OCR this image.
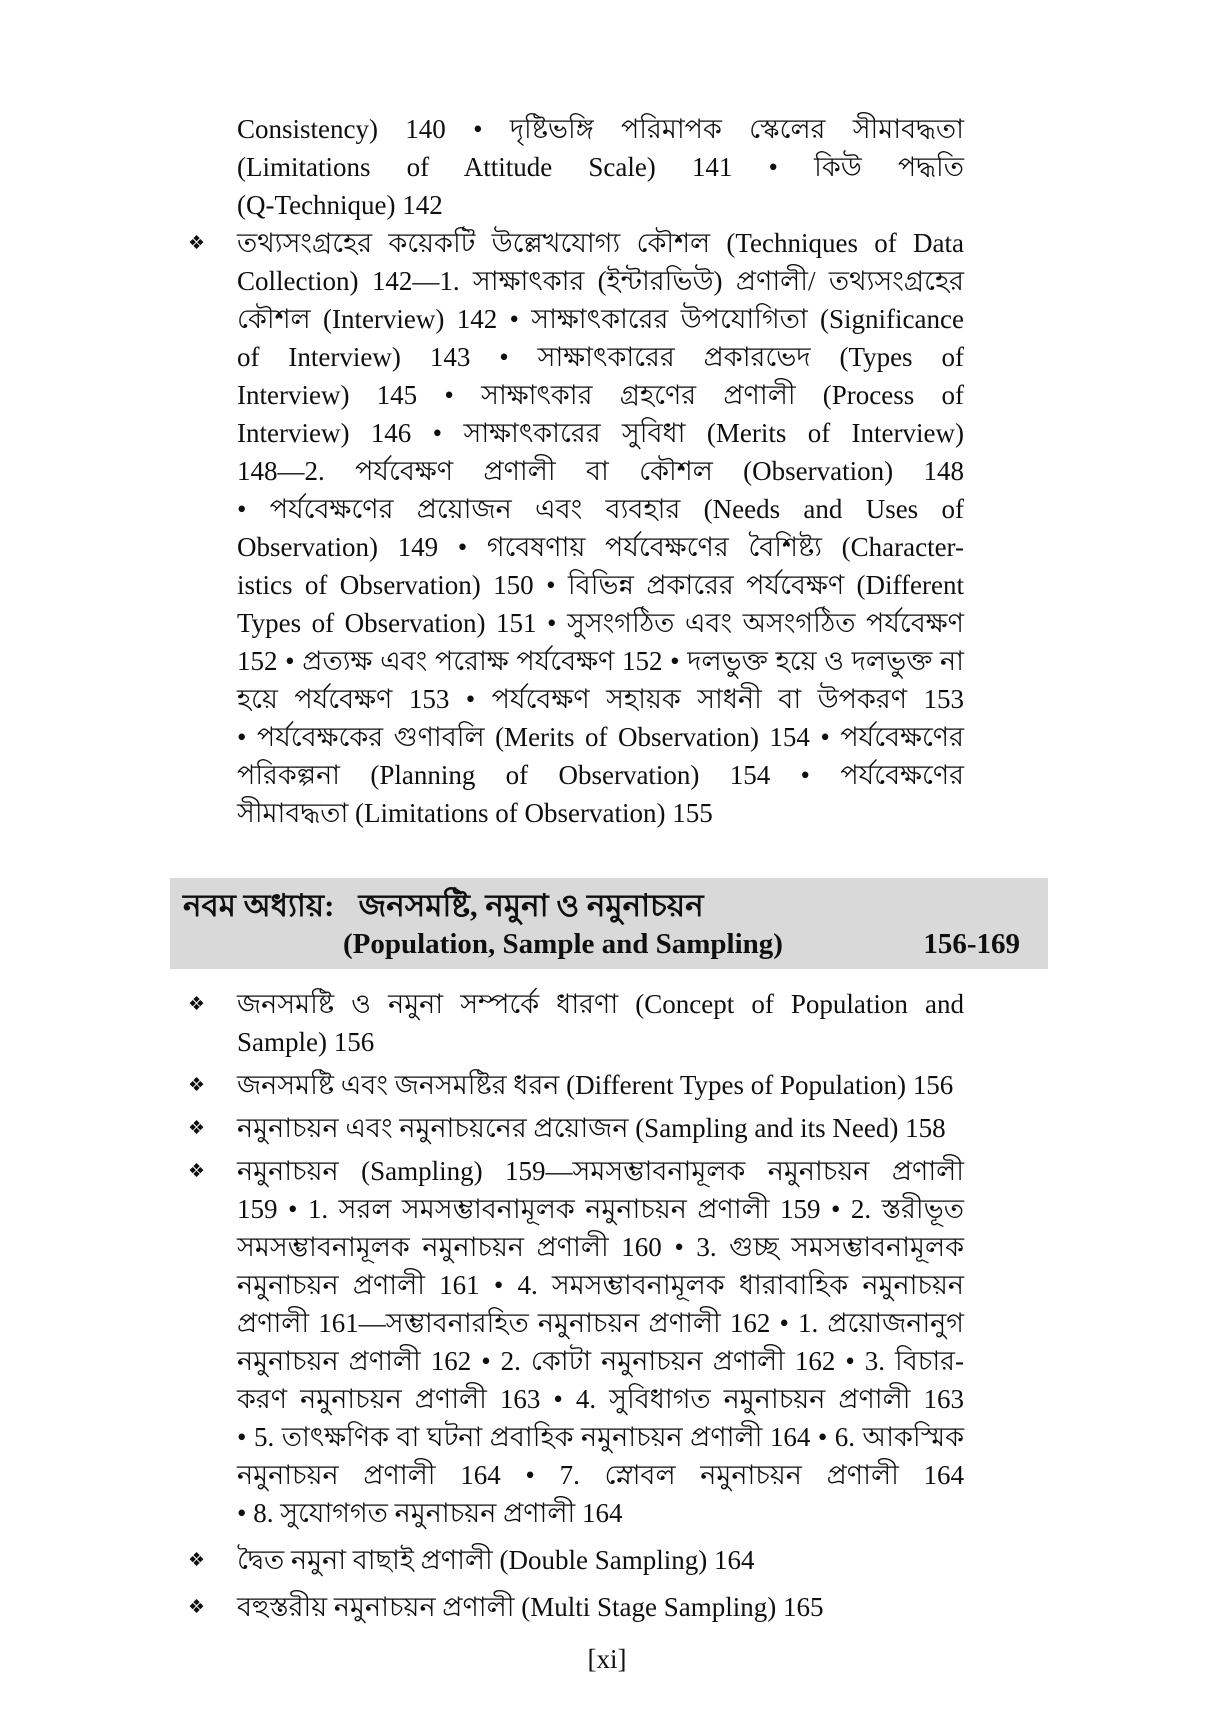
Consistency) 140 • দৃষ্টিভঙ্গি পরিমাপক স্কেলের সীমাবদ্ধতা
(Limitations of Attitude Scale) 141 • কিউ পদ্ধতি
(Q-Technique) 142
❖ তথ্যসংগ্রহের কয়েকটি উল্লেখযোগ্য কৌশল (Techniques of Data
Collection) 142—1. সাক্ষাৎকার (ইন্টারভিউ) প্রণালী/ তথ্যসংগ্রহের
কৌশল (Interview) 142 • সাক্ষাৎকারের উপযোগিতা (Significance
of Interview) 143 • সাক্ষাৎকারের প্রকারভেদ (Types of
Interview) 145 • সাক্ষাৎকার গ্রহণের প্রণালী (Process of
Interview) 146 • সাক্ষাৎকারের সুবিধা (Merits of Interview)
148—2. পর্যবেক্ষণ প্রণালী বা কৌশল (Observation) 148
• পর্যবেক্ষণের প্রয়োজন এবং ব্যবহার (Needs and Uses of
Observation) 149 • গবেষণায় পর্যবেক্ষণের বৈশিষ্ট্য (Character-
istics of Observation) 150 • বিভিন্ন প্রকারের পর্যবেক্ষণ (Different
Types of Observation) 151 • সুসংগঠিত এবং অসংগঠিত পর্যবেক্ষণ
152 • প্রত্যক্ষ এবং পরোক্ষ পর্যবেক্ষণ 152 • দলভুক্ত হয়ে ও দলভুক্ত না
হয়ে পর্যবেক্ষণ 153 • পর্যবেক্ষণ সহায়ক সাধনী বা উপকরণ 153
• পর্যবেক্ষকের গুণাবলি (Merits of Observation) 154 • পর্যবেক্ষণের
পরিকল্পনা (Planning of Observation) 154 • পর্যবেক্ষণের
সীমাবদ্ধতা (Limitations of Observation) 155
নবম অধ্যায়: জনসমষ্টি, নমুনা ও নমুনাচয়ন
(Population, Sample and Sampling)	156-169
❖ জনসমষ্টি ও নমুনা সম্পর্কে ধারণা (Concept of Population and
Sample) 156
❖ জনসমষ্টি এবং জনসমষ্টির ধরন (Different Types of Population) 156
❖ নমুনাচয়ন এবং নমুনাচয়নের প্রয়োজন (Sampling and its Need) 158
❖ নমুনাচয়ন (Sampling) 159—সমসম্ভাবনামূলক নমুনাচয়ন প্রণালী
159 • 1. সরল সমসম্ভাবনামূলক নমুনাচয়ন প্রণালী 159 • 2. স্তরীভূত
সমসম্ভাবনামূলক নমুনাচয়ন প্রণালী 160 • 3. গুচ্ছ সমসম্ভাবনামূলক
নমুনাচয়ন প্রণালী 161 • 4. সমসম্ভাবনামূলক ধারাবাহিক নমুনাচয়ন
প্রণালী 161—সম্ভাবনারহিত নমুনাচয়ন প্রণালী 162 • 1. প্রয়োজনানুগ
নমুনাচয়ন প্রণালী 162 • 2. কোটা নমুনাচয়ন প্রণালী 162 • 3. বিচার-
করণ নমুনাচয়ন প্রণালী 163 • 4. সুবিধাগত নমুনাচয়ন প্রণালী 163
• 5. তাৎক্ষণিক বা ঘটনা প্রবাহিক নমুনাচয়ন প্রণালী 164 • 6. আকস্মিক
নমুনাচয়ন প্রণালী 164 • 7. স্নোবল নমুনাচয়ন প্রণালী 164
• 8. সুযোগগত নমুনাচয়ন প্রণালী 164
❖ দ্বৈত নমুনা বাছাই প্রণালী (Double Sampling) 164
❖ বহুস্তরীয় নমুনাচয়ন প্রণালী (Multi Stage Sampling) 165
[xi]
